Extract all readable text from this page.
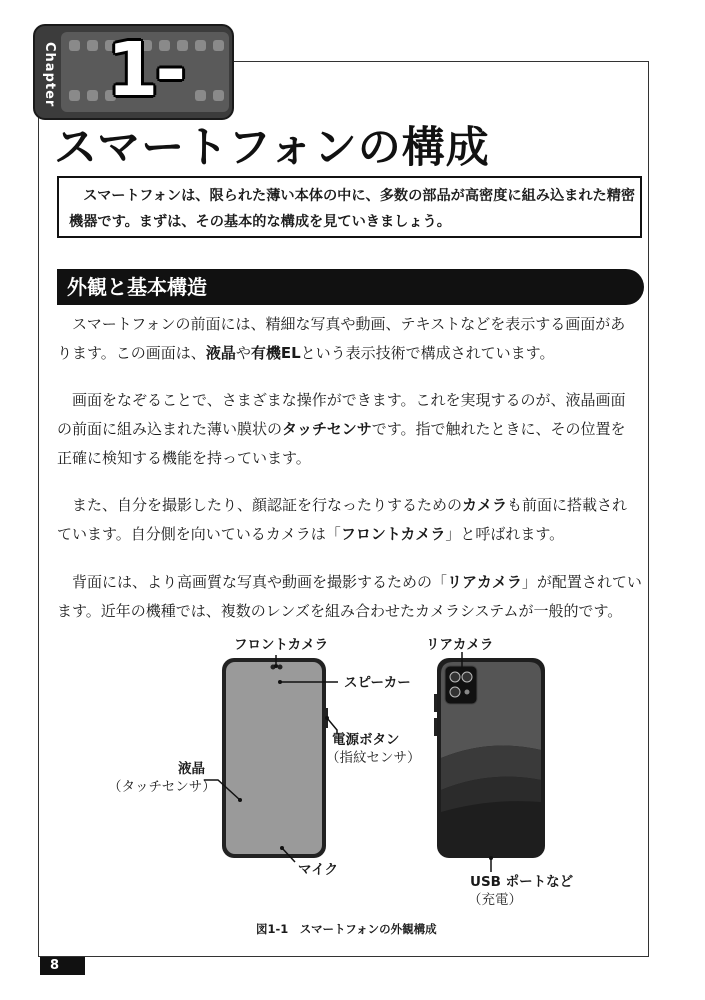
Chapter 1-
スマートフォンの構成
　スマートフォンは、限られた薄い本体の中に、多数の部品が高密度に組み込まれた精密
機器です。まずは、その基本的な構成を見ていきましょう。
外観と基本構造
　スマートフォンの前面には、精細な写真や動画、テキストなどを表示する画面があ
ります。この画面は、液晶や有機ELという表示技術で構成されています。
　画面をなぞることで、さまざまな操作ができます。これを実現するのが、液晶画面
の前面に組み込まれた薄い膜状のタッチセンサです。指で触れたときに、その位置を
正確に検知する機能を持っています。
　また、自分を撮影したり、顔認証を行なったりするためのカメラも前面に搭載され
ています。自分側を向いているカメラは「フロントカメラ」と呼ばれます。
　背面には、より高画質な写真や動画を撮影するための「リアカメラ」が配置されてい
ます。近年の機種では、複数のレンズを組み合わせたカメラシステムが一般的です。
フロントカメラ
スピーカー
電源ボタン
（指紋センサ）
液晶
（タッチセンサ）
マイク
リアカメラ
USB ポートなど
（充電）
図1-1　スマートフォンの外観構成
8
